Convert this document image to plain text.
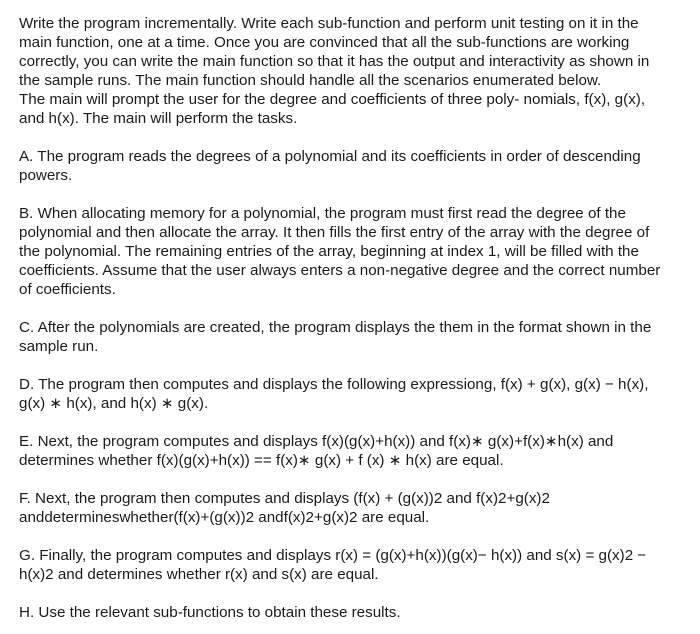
Write the program incrementally. Write each sub-function and perform unit testing on it in the
main function, one at a time. Once you are convinced that all the sub-functions are working
correctly, you can write the main function so that it has the output and interactivity as shown in
the sample runs. The main function should handle all the scenarios enumerated below.
The main will prompt the user for the degree and coefficients of three poly- nomials, f(x), g(x),
and h(x). The main will perform the tasks.

A. The program reads the degrees of a polynomial and its coefficients in order of descending
powers.

B. When allocating memory for a polynomial, the program must first read the degree of the
polynomial and then allocate the array. It then fills the first entry of the array with the degree of
the polynomial. The remaining entries of the array, beginning at index 1, will be filled with the
coefficients. Assume that the user always enters a non-negative degree and the correct number
of coefficients.

C. After the polynomials are created, the program displays the them in the format shown in the
sample run.

D. The program then computes and displays the following expressiong, f(x) + g(x), g(x) − h(x),
g(x) ∗ h(x), and h(x) ∗ g(x).

E. Next, the program computes and displays f(x)(g(x)+h(x)) and f(x)∗ g(x)+f(x)∗h(x) and
determines whether f(x)(g(x)+h(x)) == f(x)∗ g(x) + f (x) ∗ h(x) are equal.

F. Next, the program then computes and displays (f(x) + (g(x))2 and f(x)2+g(x)2
anddetermineswhether(f(x)+(g(x))2 andf(x)2+g(x)2 are equal.

G. Finally, the program computes and displays r(x) = (g(x)+h(x))(g(x)− h(x)) and s(x) = g(x)2 −
h(x)2 and determines whether r(x) and s(x) are equal.

H. Use the relevant sub-functions to obtain these results.
